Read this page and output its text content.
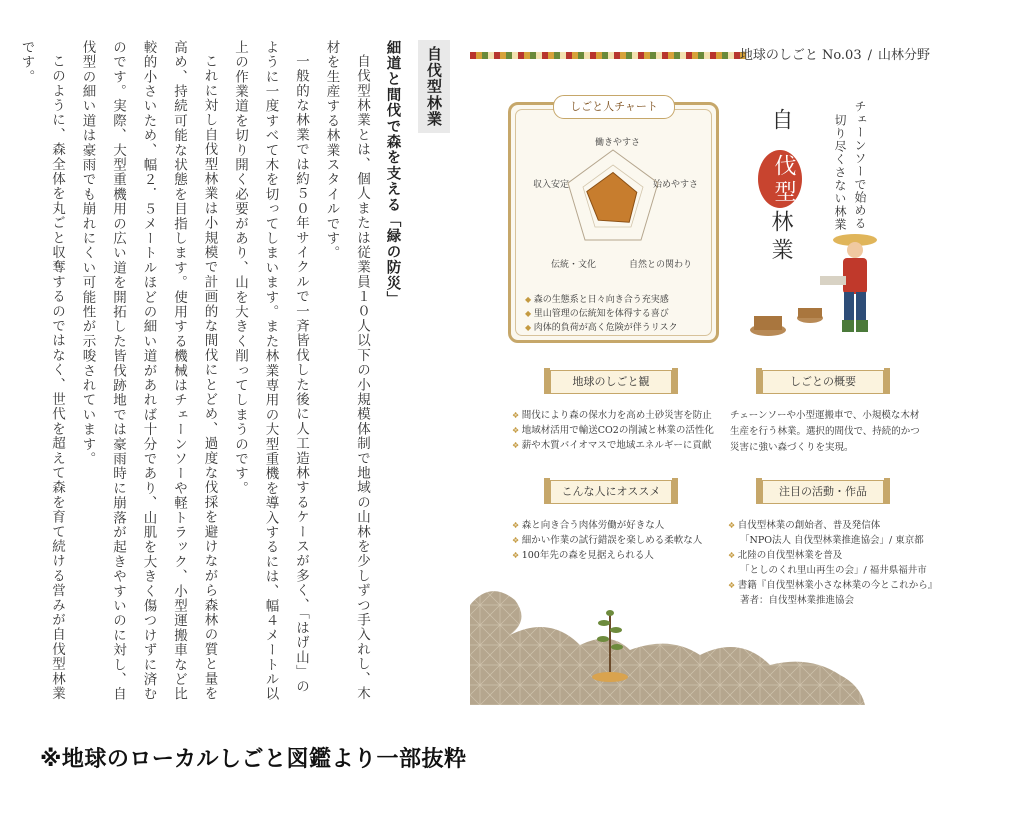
自伐型林業
細道と間伐で森を支える「緑の防災」

自伐型林業とは、個人または従業員１０人以下の小規模体制で地域の山林を少しずつ手入れし、木材を生産する林業スタイルです。

一般的な林業では約５０年サイクルで一斉皆伐した後に人工造林するケースが多く、「はげ山」のように一度すべて木を切ってしまいます。また林業専用の大型重機を導入するには、幅４メートル以上の作業道を切り開く必要があり、山を大きく削ってしまうのです。

これに対し自伐型林業は小規模で計画的な間伐にとどめ、過度な伐採を避けながら森林の質と量を高め、持続可能な状態を目指します。使用する機械はチェーンソーや軽トラック、小型運搬車など比較的小さいため、幅２．５メートルほどの細い道があれば十分であり、山肌を大きく傷つけずに済むのです。実際、大型重機用の広い道を開拓した皆伐跡地では豪雨時に崩落が起きやすいのに対し、自伐型の細い道は豪雨でも崩れにくい可能性が示唆されています。

このように、森全体を丸ごと収奪するのではなく、世代を超えて森を育て続ける営みが自伐型林業です。	地球のしごと No.03 / 山林分野
しごと人チャート
働きやすさ
始めやすさ
自然との関わり
伝統・文化
収入安定
◆ 森の生態系と日々向き合う充実感
◆ 里山管理の伝統知を体得する喜び
◆ 肉体的負荷が高く危険が伴うリスク
チェーンソーで始める
切り尽くさない林業
自
伐型
林業
地球のしごと観
❖ 間伐により森の保水力を高め土砂災害を防止
❖ 地域材活用で輸送CO2の削減と林業の活性化
❖ 薪や木質バイオマスで地域エネルギーに貢献
しごとの概要
チェーンソーや小型運搬車で、小規模な木材生産を行う林業。選択的間伐で、持続的かつ災害に強い森づくりを実現。
こんな人にオススメ
❖ 森と向き合う肉体労働が好きな人
❖ 細かい作業の試行錯誤を楽しめる柔軟な人
❖ 100年先の森を見据えられる人
注目の活動・作品
❖ 自伐型林業の創始者、普及発信体
「NPO法人 自伐型林業推進協会」/ 東京都
❖ 北陸の自伐型林業を普及
「としのくれ里山再生の会」/ 福井県福井市
❖ 書籍『自伐型林業小さな林業の今とこれから』
著者：自伐型林業推進協会
※地球のローカルしごと図鑑より一部抜粋
